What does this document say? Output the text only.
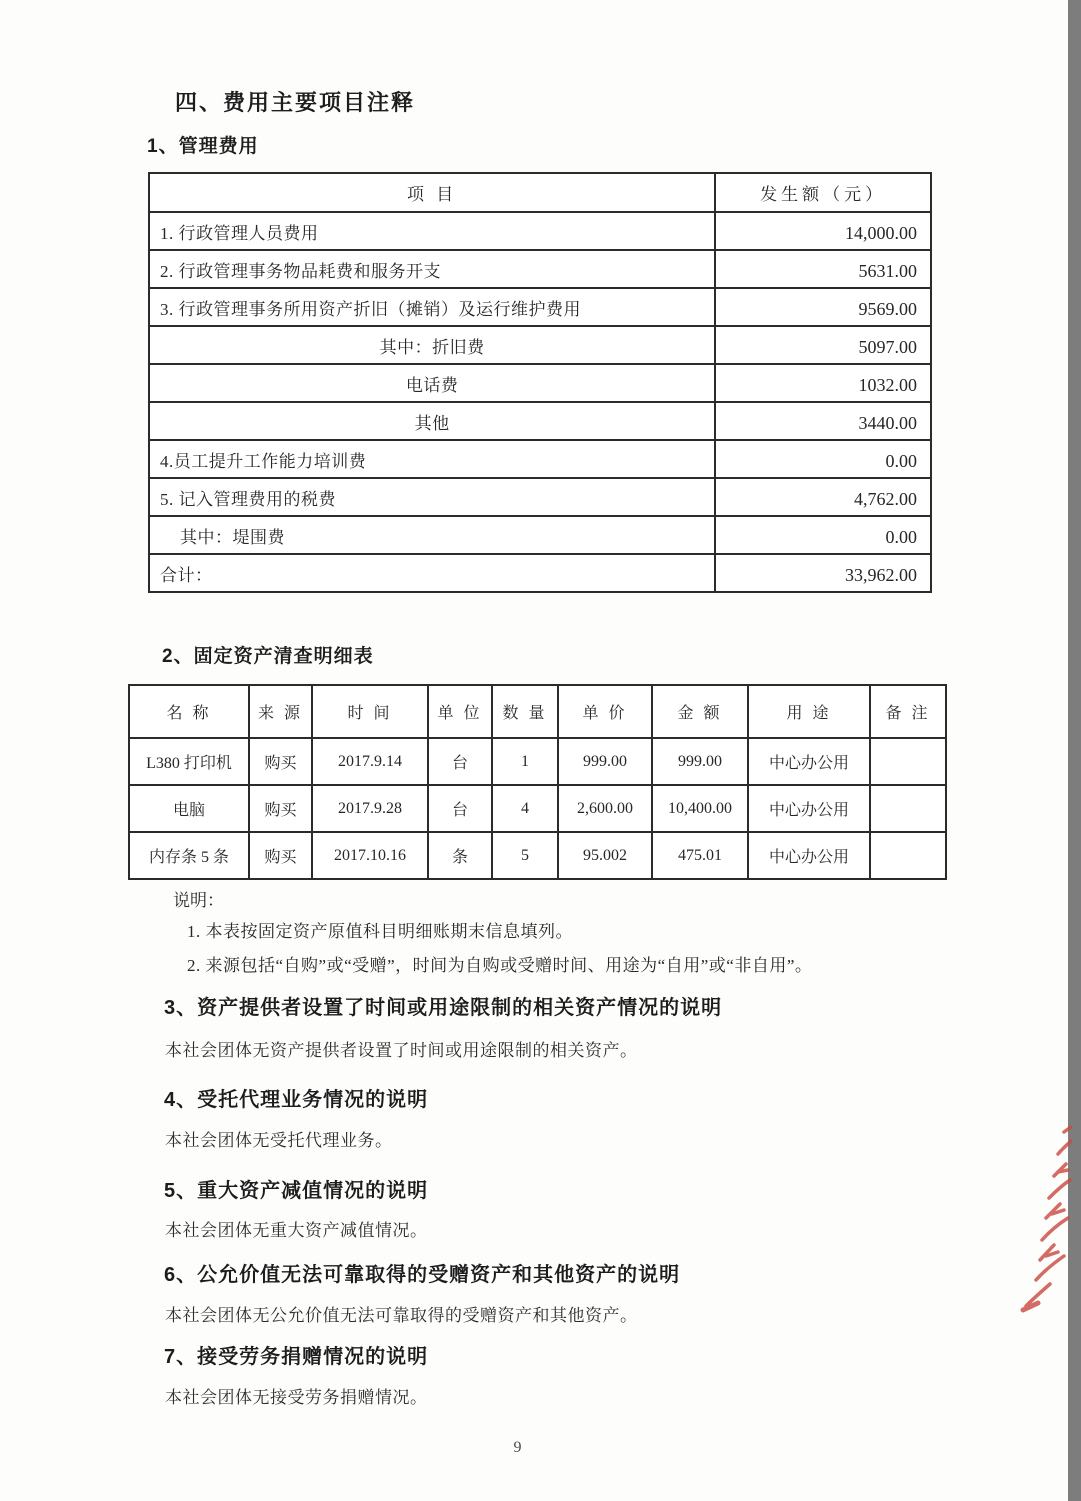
四、费用主要项目注释
1、管理费用
项 目	发生额（元）
1. 行政管理人员费用	14,000.00
2. 行政管理事务物品耗费和服务开支	5631.00
3. 行政管理事务所用资产折旧（摊销）及运行维护费用	9569.00
其中：折旧费	5097.00
电话费	1032.00
其他	3440.00
4.员工提升工作能力培训费	0.00
5. 记入管理费用的税费	4,762.00
其中：堤围费	0.00
合计：	33,962.00
2、固定资产清查明细表
名 称	来 源	时 间	单 位	数 量	单 价	金 额	用 途	备 注
L380 打印机	购买	2017.9.14	台	1	999.00	999.00	中心办公用	
电脑	购买	2017.9.28	台	4	2,600.00	10,400.00	中心办公用	
内存条 5 条	购买	2017.10.16	条	5	95.002	475.01	中心办公用	
说明：
1. 本表按固定资产原值科目明细账期末信息填列。
2. 来源包括“自购”或“受赠”，时间为自购或受赠时间、用途为“自用”或“非自用”。
3、资产提供者设置了时间或用途限制的相关资产情况的说明
本社会团体无资产提供者设置了时间或用途限制的相关资产。
4、受托代理业务情况的说明
本社会团体无受托代理业务。
5、重大资产减值情况的说明
本社会团体无重大资产减值情况。
6、公允价值无法可靠取得的受赠资产和其他资产的说明
本社会团体无公允价值无法可靠取得的受赠资产和其他资产。
7、接受劳务捐赠情况的说明
本社会团体无接受劳务捐赠情况。
9
